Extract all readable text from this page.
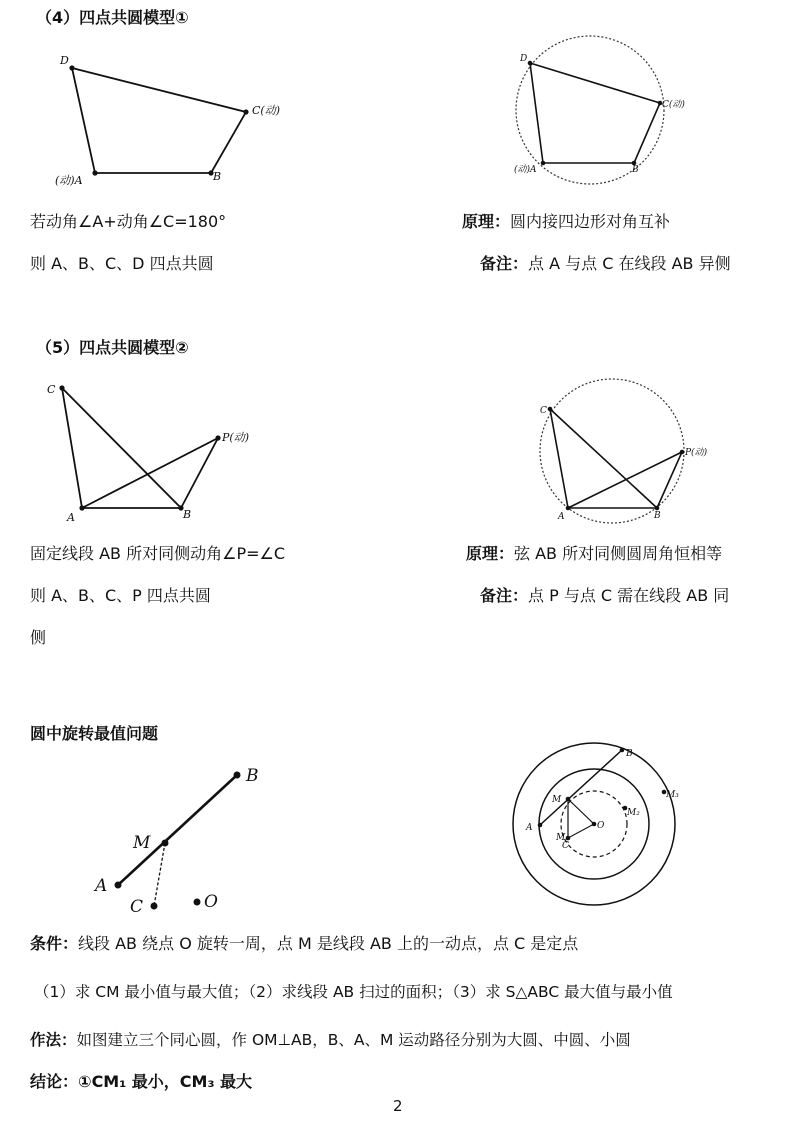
（4）四点共圆模型①
D
C(动)
(动)A	B
D
C(动)
(动)A	B
若动角∠A+动角∠C=180°
则 A、B、C、D 四点共圆
原理：圆内接四边形对角互补
备注：点 A 与点 C 在线段 AB 异侧
（5）四点共圆模型②
C
P(动)
A	B
C
P(动)
A	B
固定线段 AB 所对同侧动角∠P=∠C
则 A、B、C、P 四点共圆
侧
原理：弦 AB 所对同侧圆周角恒相等
备注：点 P 与点 C 需在线段 AB 同
圆中旋转最值问题
B
M
A
C	O
B
M
O
A
C
M₁
M₂
M₃
条件：线段 AB 绕点 O 旋转一周，点 M 是线段 AB 上的一动点，点 C 是定点
（1）求 CM 最小值与最大值；（2）求线段 AB 扫过的面积；（3）求 S△ABC 最大值与最小值
作法：如图建立三个同心圆，作 OM⊥AB，B、A、M 运动路径分别为大圆、中圆、小圆
结论：①CM₁ 最小，CM₃ 最大
2
